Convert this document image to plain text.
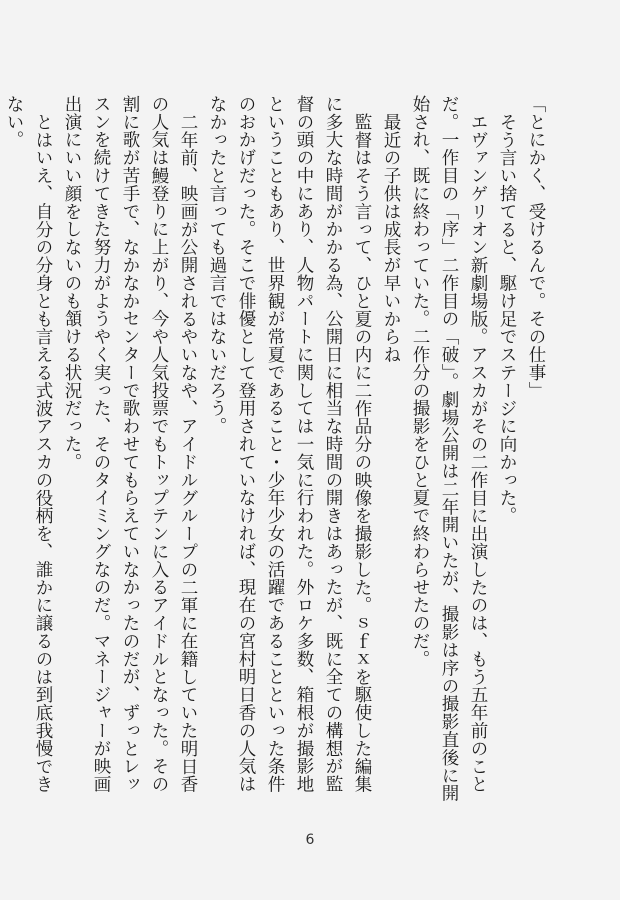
「とにかく、受けるんで。その仕事」

そう言い捨てると、駆け足でステージに向かった。

エヴァンゲリオン新劇場版。アスカがその二作目に出演したのは、もう五年前のことだ。一作目の「序」二作目の「破」。劇場公開は二年開いたが、撮影は序の撮影直後に開始され、既に終わっていた。二作分の撮影をひと夏で終わらせたのだ。

最近の子供は成長が早いからね

監督はそう言って、ひと夏の内に二作品分の映像を撮影した。ｓｆｘを駆使した編集に多大な時間がかかる為、公開日に相当な時間の開きはあったが、既に全ての構想が監督の頭の中にあり、人物パートに関しては一気に行われた。外ロケ多数、箱根が撮影地ということもあり、世界観が常夏であること・少年少女の活躍であることといった条件のおかげだった。そこで俳優として登用されていなければ、現在の宮村明日香の人気はなかったと言っても過言ではないだろう。

二年前、映画が公開されるやいなや、アイドルグループの二軍に在籍していた明日香の人気は鰻登りに上がり、今や人気投票でもトップテンに入るアイドルとなった。その割に歌が苦手で、なかなかセンターで歌わせてもらえていなかったのだが、ずっとレッスンを続けてきた努力がようやく実った、そのタイミングなのだ。マネージャーが映画出演にいい顔をしないのも頷ける状況だった。

とはいえ、自分の分身とも言える式波アスカの役柄を、誰かに譲るのは到底我慢できない。

6
